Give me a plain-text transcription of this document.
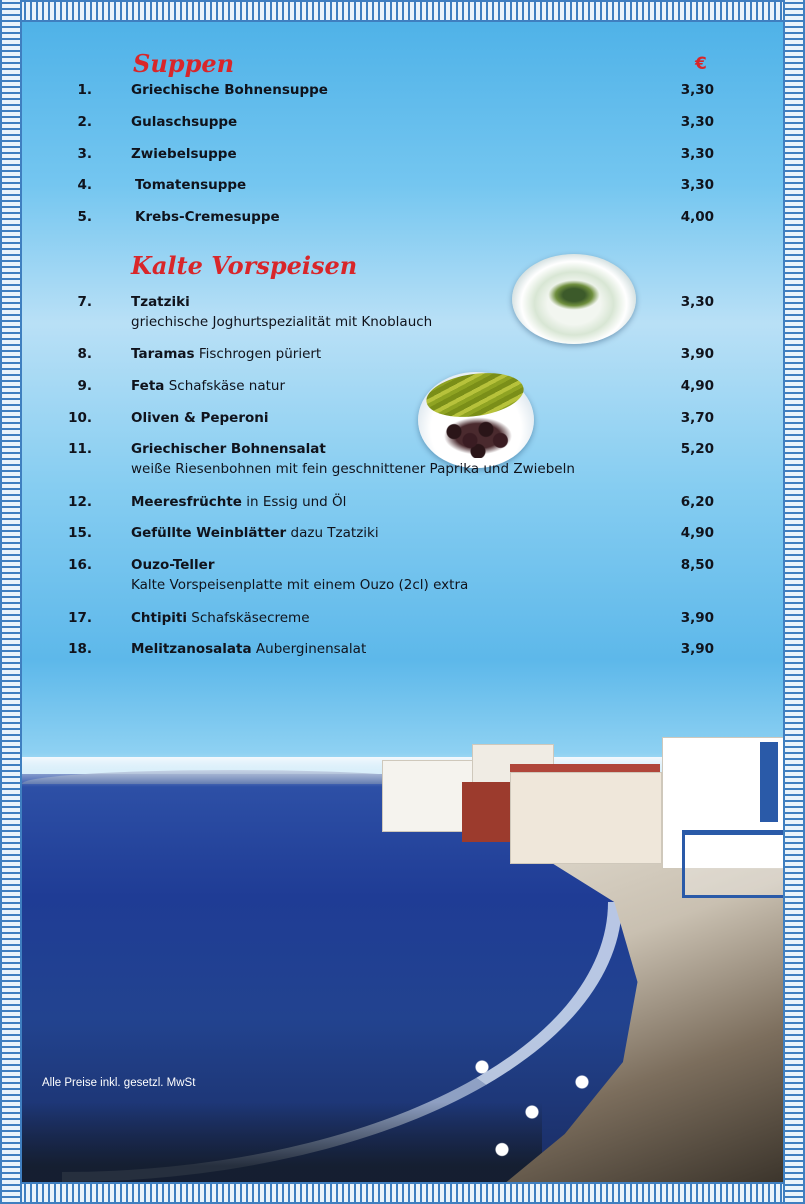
Suppen	€
1.	Griechische Bohnensuppe	3,30
2.	Gulaschsuppe	3,30
3.	Zwiebelsuppe	3,30
4.	Tomatensuppe	3,30
5.	Krebs-Cremesuppe	4,00
Kalte Vorspeisen
7.	Tzatziki	3,30
griechische Joghurtspezialität mit Knoblauch
8.	Taramas Fischrogen püriert	3,90
9.	Feta Schafskäse natur	4,90
10.	Oliven & Peperoni	3,70
11.	Griechischer Bohnensalat	5,20
weiße Riesenbohnen mit fein geschnittener Paprika und Zwiebeln
12.	Meeresfrüchte in Essig und Öl	6,20
15.	Gefüllte Weinblätter dazu Tzatziki	4,90
16.	Ouzo-Teller	8,50
Kalte Vorspeisenplatte mit einem Ouzo (2cl) extra
17.	Chtipiti Schafskäsecreme	3,90
18.	Melitzanosalata Auberginensalat	3,90
Alle Preise inkl. gesetzl. MwSt
